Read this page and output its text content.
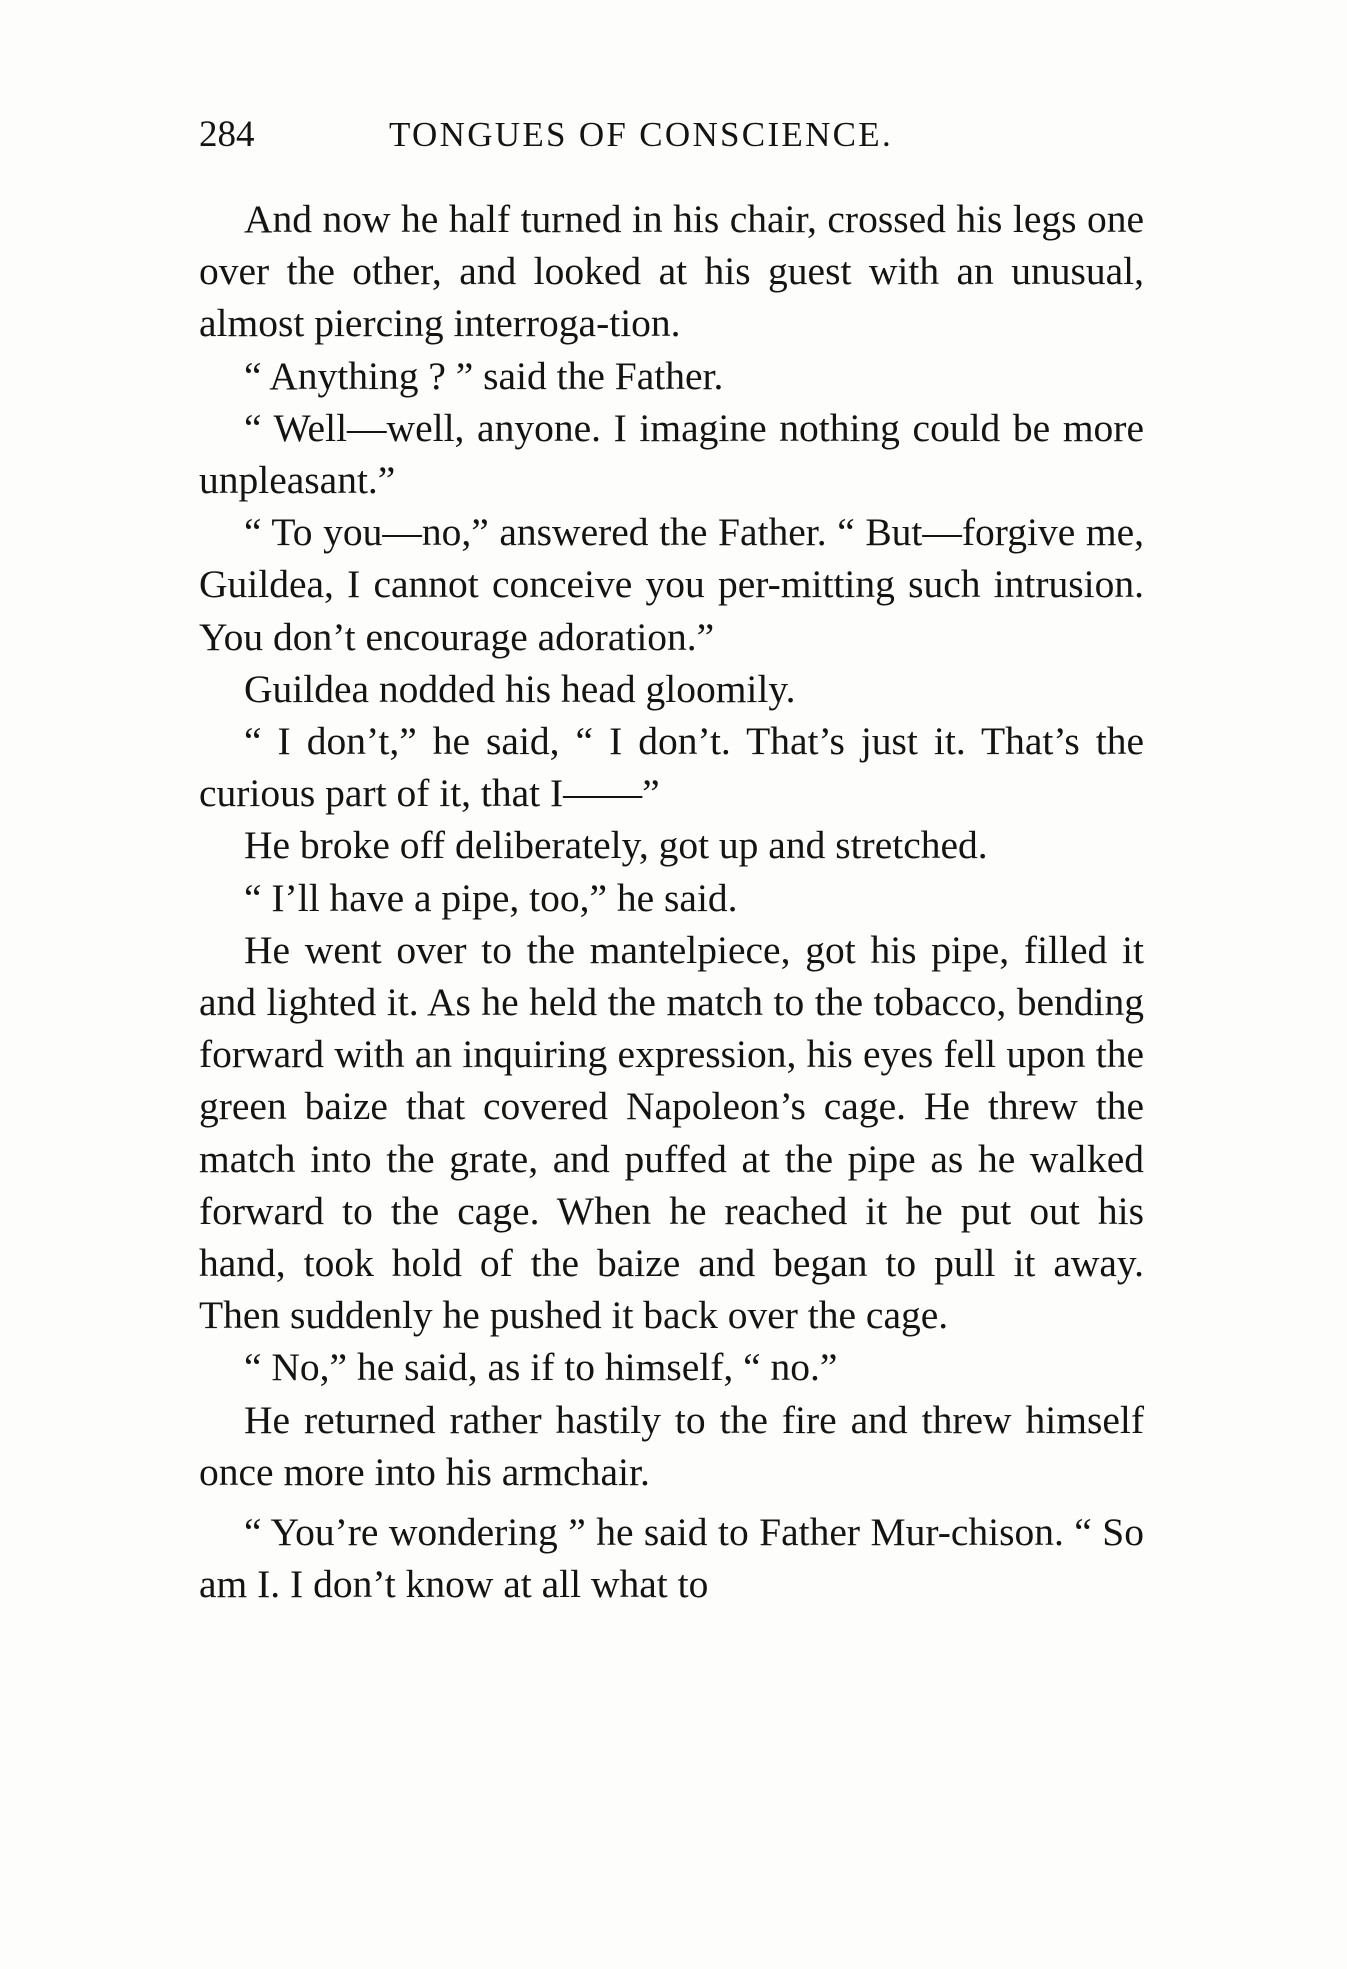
284	TONGUES OF CONSCIENCE.

And now he half turned in his chair, crossed his legs one over the other, and looked at his guest with an unusual, almost piercing interroga-tion.

“ Anything ? ” said the Father.

“ Well—well, anyone. I imagine nothing could be more unpleasant.”

“ To you—no,” answered the Father. “ But—forgive me, Guildea, I cannot conceive you per-mitting such intrusion. You don’t encourage adoration.”

Guildea nodded his head gloomily.

“ I don’t,” he said, “ I don’t. That’s just it. That’s the curious part of it, that I——”

He broke off deliberately, got up and stretched.

“ I’ll have a pipe, too,” he said.

He went over to the mantelpiece, got his pipe, filled it and lighted it. As he held the match to the tobacco, bending forward with an inquiring expression, his eyes fell upon the green baize that covered Napoleon’s cage. He threw the match into the grate, and puffed at the pipe as he walked forward to the cage. When he reached it he put out his hand, took hold of the baize and began to pull it away. Then suddenly he pushed it back over the cage.

“ No,” he said, as if to himself, “ no.”

He returned rather hastily to the fire and threw himself once more into his armchair.

“ You’re wondering ” he said to Father Mur-chison. “ So am I. I don’t know at all what to
